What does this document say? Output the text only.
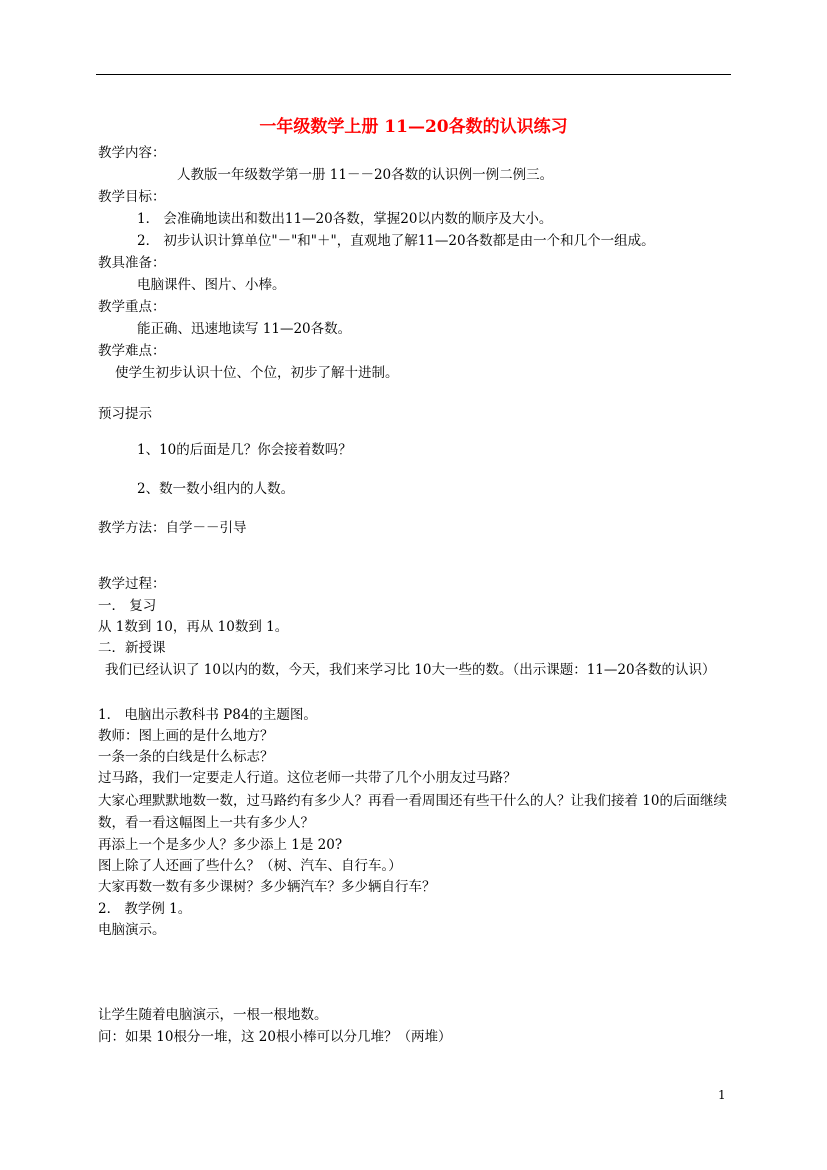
一年级数学上册 11—20各数的认识练习
教学内容：
人教版一年级数学第一册 11－－20各数的认识例一例二例三。
教学目标：
1． 会准确地读出和数出11—20各数，掌握20以内数的顺序及大小。
2． 初步认识计算单位"－"和"＋"，直观地了解11—20各数都是由一个和几个一组成。
教具准备：
电脑课件、图片、小棒。
教学重点：
能正确、迅速地读写 11—20各数。
教学难点：
使学生初步认识十位、个位，初步了解十进制。
预习提示
1、10的后面是几？你会接着数吗？
2、数一数小组内的人数。
教学方法：自学－－引导
教学过程：
一． 复习
从 1数到 10，再从 10数到 1。
二．新授课
我们已经认识了 10以内的数，今天，我们来学习比 10大一些的数。（出示课题：11—20各数的认识）
1． 电脑出示教科书 P84的主题图。
教师：图上画的是什么地方？
一条一条的白线是什么标志？
过马路，我们一定要走人行道。这位老师一共带了几个小朋友过马路？
大家心理默默地数一数，过马路约有多少人？再看一看周围还有些干什么的人？让我们接着 10的后面继续数，看一看这幅图上一共有多少人？
再添上一个是多少人？多少添上 1是 20?
图上除了人还画了些什么？（树、汽车、自行车。）
大家再数一数有多少课树？多少辆汽车？多少辆自行车？
2． 教学例 1。
电脑演示。
让学生随着电脑演示，一根一根地数。
问：如果 10根分一堆，这 20根小棒可以分几堆？（两堆）
1
